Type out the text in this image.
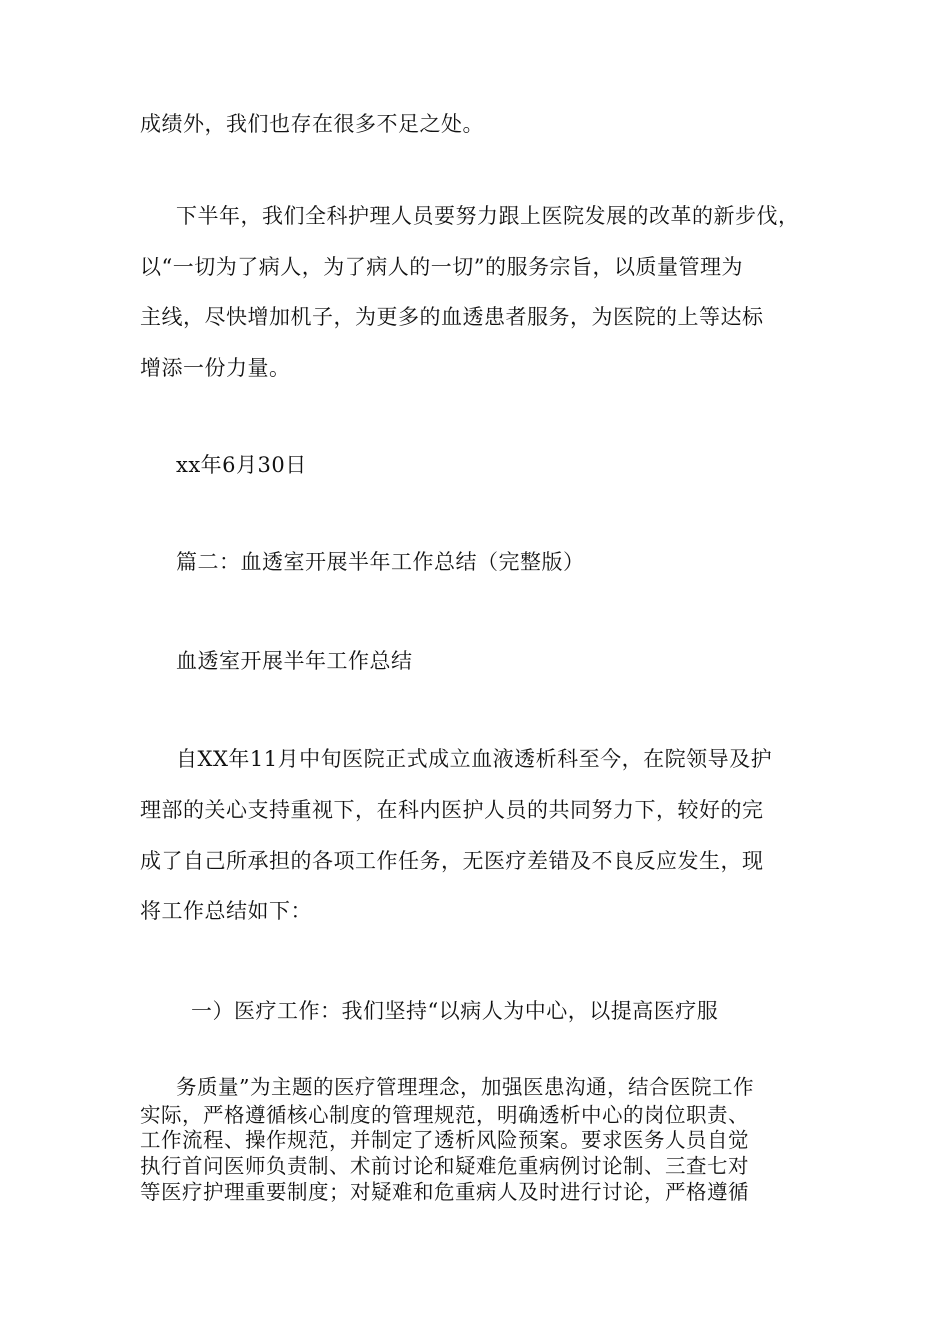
成绩外，我们也存在很多不足之处。
下半年，我们全科护理人员要努力跟上医院发展的改革的新步伐，
以“一切为了病人，为了病人的一切”的服务宗旨，以质量管理为
主线，尽快增加机子，为更多的血透患者服务，为医院的上等达标
增添一份力量。
xx年6月30日
篇二：血透室开展半年工作总结（完整版）
血透室开展半年工作总结
自XX年11月中旬医院正式成立血液透析科至今，在院领导及护
理部的关心支持重视下，在科内医护人员的共同努力下，较好的完
成了自己所承担的各项工作任务，无医疗差错及不良反应发生，现
将工作总结如下：
一）医疗工作：我们坚持“以病人为中心，以提高医疗服
务质量”为主题的医疗管理理念，加强医患沟通，结合医院工作
实际，严格遵循核心制度的管理规范，明确透析中心的岗位职责、
工作流程、操作规范，并制定了透析风险预案。要求医务人员自觉
执行首问医师负责制、术前讨论和疑难危重病例讨论制、三查七对
等医疗护理重要制度；对疑难和危重病人及时进行讨论，严格遵循
